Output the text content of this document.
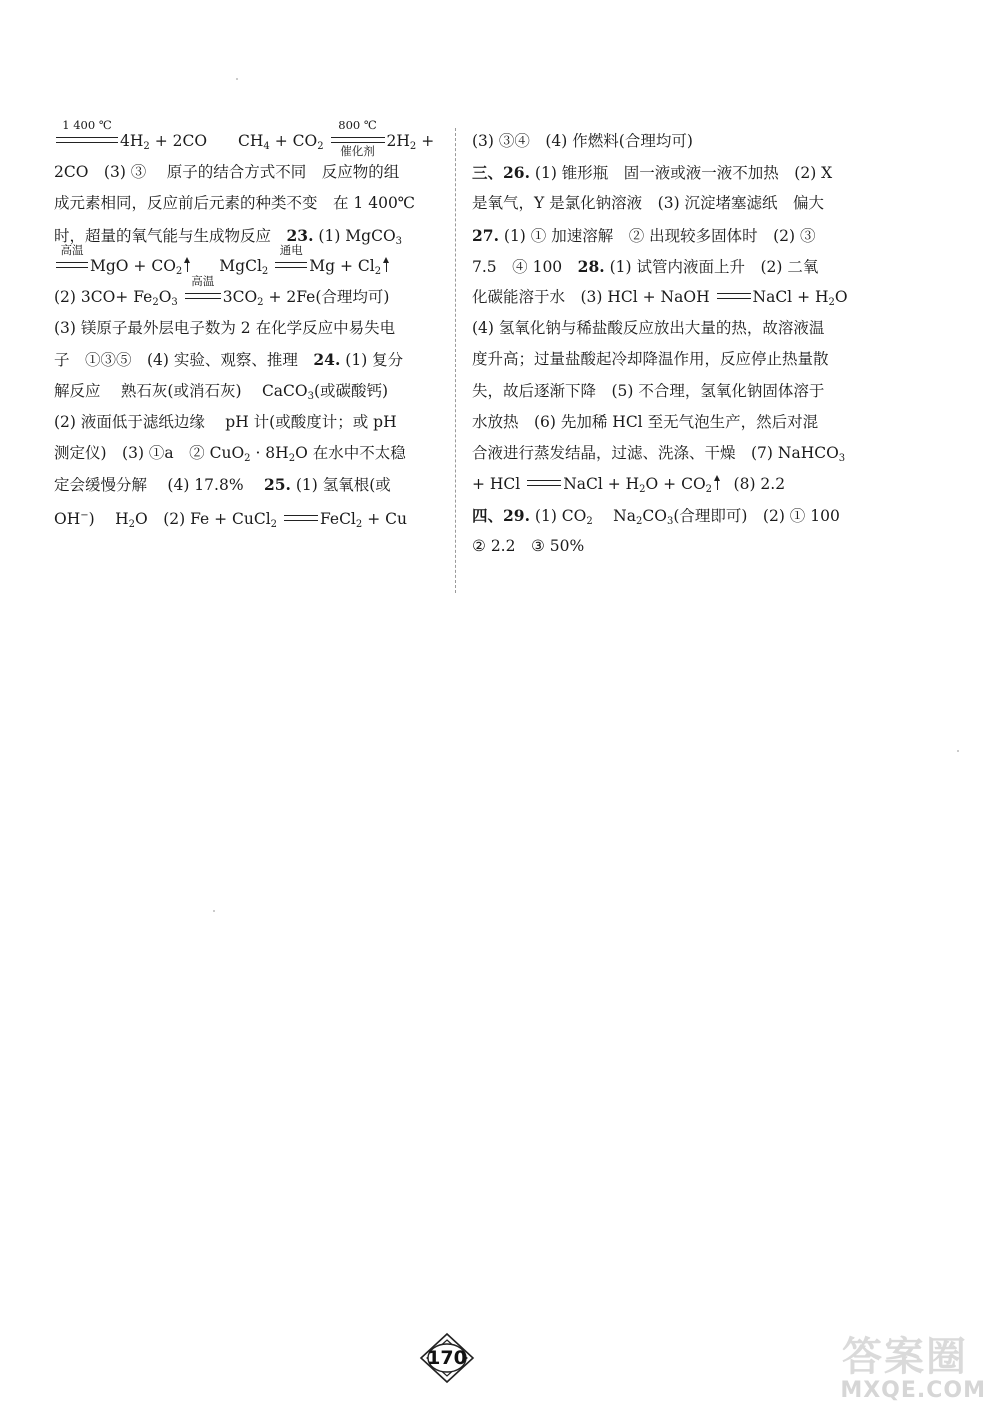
1 400 ℃
$4H_2 + 2CO$　　$CH_4 + CO_2$
800 ℃
催化剂
$2H_2$ +
2CO　(3) ③　 原子的结合方式不同　反应物的组
成元素相同，反应前后元素的种类不变　在 1 400℃
时，超量的氧气能与生成物反应　23. (1) MgCO$_3$
高温
MgO + $CO_2$　　MgCl$_2$
通电
$Mg + Cl_2$
(2) $3CO+ Fe_2O_3$
高温
$3CO_2 + 2Fe$(合理均可)
(3) 镁原子最外层电子数为 2 在化学反应中易失电
子　①③⑤　(4) 实验、观察、推理　24. (1) 复分
解反应　 熟石灰(或消石灰)　 CaCO$_3$(或碳酸钙)
(2) 液面低于滤纸边缘　 pH 计(或酸度计；或 pH
测定仪)　(3) ①a　② $CuO_2 \cdot 8H_2O$ 在水中不太稳
定会缓慢分解　 (4) 17.8%　 25. (1) 氢氧根(或
OH−)　 $H_2O$　(2) Fe + CuCl$_2$	FeCl$_2$ + Cu
(3) ③④　(4) 作燃料(合理均可)
三、26. (1) 锥形瓶　固一液或液一液不加热　(2) X
是氧气，Y 是氯化钠溶液　(3) 沉淀堵塞滤纸　偏大
27. (1) ① 加速溶解　② 出现较多固体时　(2) ③
7.5　④ 100　28. (1) 试管内液面上升　(2) 二氧
化碳能溶于水　(3) HCl + NaOH NaCl + $H_2O$
(4) 氢氧化钠与稀盐酸反应放出大量的热，故溶液温
度升高；过量盐酸起冷却降温作用，反应停止热量散
失，故后逐渐下降　(5) 不合理，氢氧化钠固体溶于
水放热　(6) 先加稀 HCl 至无气泡生产，然后对混
合液进行蒸发结晶，过滤、洗涤、干燥　(7) NaHCO$_3$
+ HCl NaCl + $H_2O + CO_2$　(8) 2.2
四、29. (1) $CO_2$　 $Na_2CO_3$(合理即可)　(2) ① 100
② 2.2　③ 50%
170	答案圈
MXQE.COM
